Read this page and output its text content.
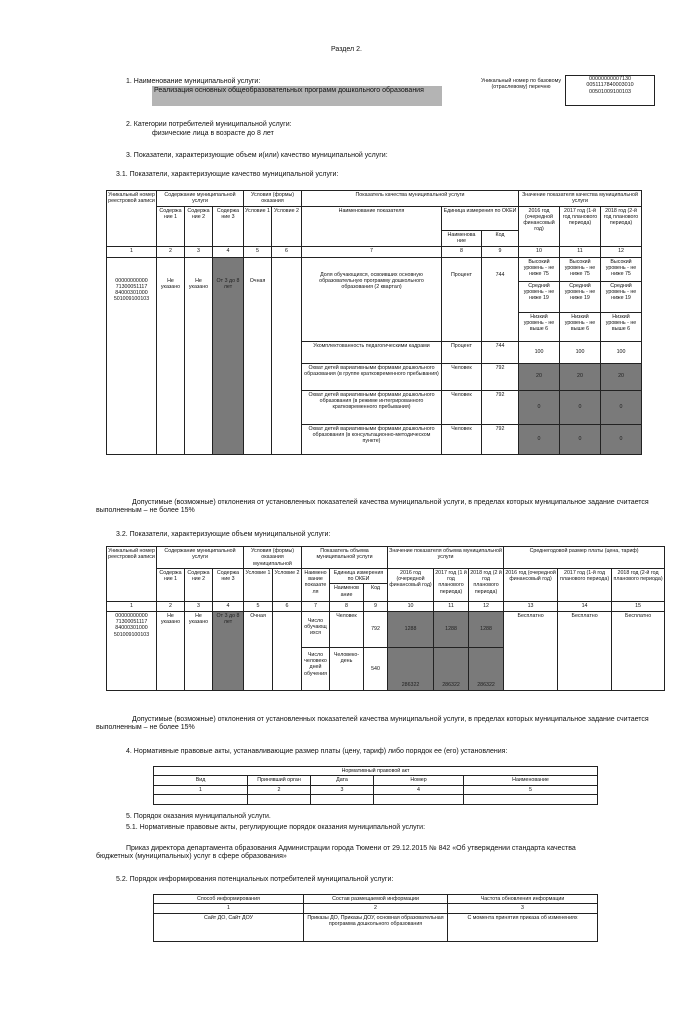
Раздел 2.
1. Наименование муниципальной услуги:
Реализация основных общеобразовательных программ дошкольного образования
Уникальный номер по базовому (отраслевому) перечню
00000000007130
0051117840003010
00501009100103
2. Категории потребителей муниципальной услуги:
физические лица в возрасте до 8 лет
3. Показатели, характеризующие объем и(или) качество муниципальной услуги:
3.1. Показатели, характеризующие качество муниципальной услуги:
Уникальный номер реестровой записи	Содержание муниципальной услуги			Условия (формы) оказания		Показатель качества муниципальной услуги			Значение показателя качества муниципальной услуги		
	Содержа ние 1	Содержа ние 2	Содержа ние 3	Условие 1	Условие 2	Наименование показателя	Единица измерения по ОКЕИ		2016 год (очередной финансовый год)	2017 год (1-й год планового периода)	2018 год (2-й год планового периода)
							Наименова ние	Код			
1	2	3	4	5	6	7	8	9	10	11	12
00000000000 71300051117 84000301000 501009100103	Не указано	Не указано	От 3 до 8 лет	Очная		Доля обучающихся, освоивших основную образовательную программу дошкольного образования (2 квартал)	Процент	744	Высокий уровень - не ниже 75	Высокий уровень - не ниже 75	Высокий уровень - не ниже 75
									Средний уровень - не ниже 19	Средний уровень - не ниже 19	Средний уровень - не ниже 19
									Низкий уровень - не выше 6	Низкий уровень - не выше 6	Низкий уровень - не выше 6
						Укомплектованность педагогическими кадрами	Процент	744	100	100	100
						Охват детей вариативными формами дошкольного образования (в группе кратковременного пребывания)	Человек	792	20	20	20
						Охват детей вариативными формами дошкольного образования (в режиме интегрированного кратковременного пребывания)	Человек	792	0	0	0
						Охват детей вариативными формами дошкольного образования (в консультационно-методическом пункте)	Человек	792	0	0	0
Допустимые (возможные) отклонения от установленных показателей качества муниципальной услуги, в пределах которых муниципальное задание считается выполненным – не более 15%
3.2. Показатели, характеризующие объем муниципальной услуги:
Уникальный номер реестровой записи	Содержание муниципальной услуги			Условия (формы) оказания муниципальной		Показатель объема муниципальной услуги			Значение показателя объема муниципальной услуги			Среднегодовой размер платы (цена, тариф)		
	Содержа ние 1	Содержа ние 2	Содержа ние 3	Условие 1	Условие 2	Наимено вание показате ля	Единица измерения по ОКЕИ		2016 год (очередной финансовый год)	2017 год (1 й год планового периода)	2018 год (2 й год планового периода)	2016 год (очередной финансовый год)	2017 год (1-й год планового периода)	2018 год (2-й год планового периода)
							Наименов ание	Код						
1	2	3	4	5	6	7	8	9	10	11	12	13	14	15
00000000000 71300051117 84000301000 501009100103	Не указано	Не указано	От 3 до 8 лет	Очная		Число обучающ ихся	Человек	792	1288	1288	1288	Бесплатно	Бесплатно	Бесплатно
						Число человеко дней обучения	Человеко-день	540	286322	286322	286322			
Допустимые (возможные) отклонения от установленных показателей качества муниципальной услуги, в пределах которых муниципальное задание считается выполненным – не более 15%
4. Нормативные правовые акты, устанавливающие размер платы (цену, тариф) либо порядок ее (его) установления:
Нормативный правовой акт				
Вид	Принявший орган	Дата	Номер	Наименование
1	2	3	4	5

5. Порядок оказания муниципальной услуги.
5.1. Нормативные правовые акты, регулирующие порядок оказания муниципальной услуги:
Приказ директора департамента образования Администрации города Тюмени от 29.12.2015 № 842 «Об утверждении стандарта качества бюджетных (муниципальных) услуг в сфере образования»
5.2. Порядок информирования потенциальных потребителей муниципальной услуги:
Способ информирования	Состав размещаемой информации	Частота обновления информации
1	2	3
Сайт ДО, Сайт ДОУ	Приказы ДО, Приказы ДОУ, основная образовательная программа дошкольного образования	С момента принятия приказа об изменениях
